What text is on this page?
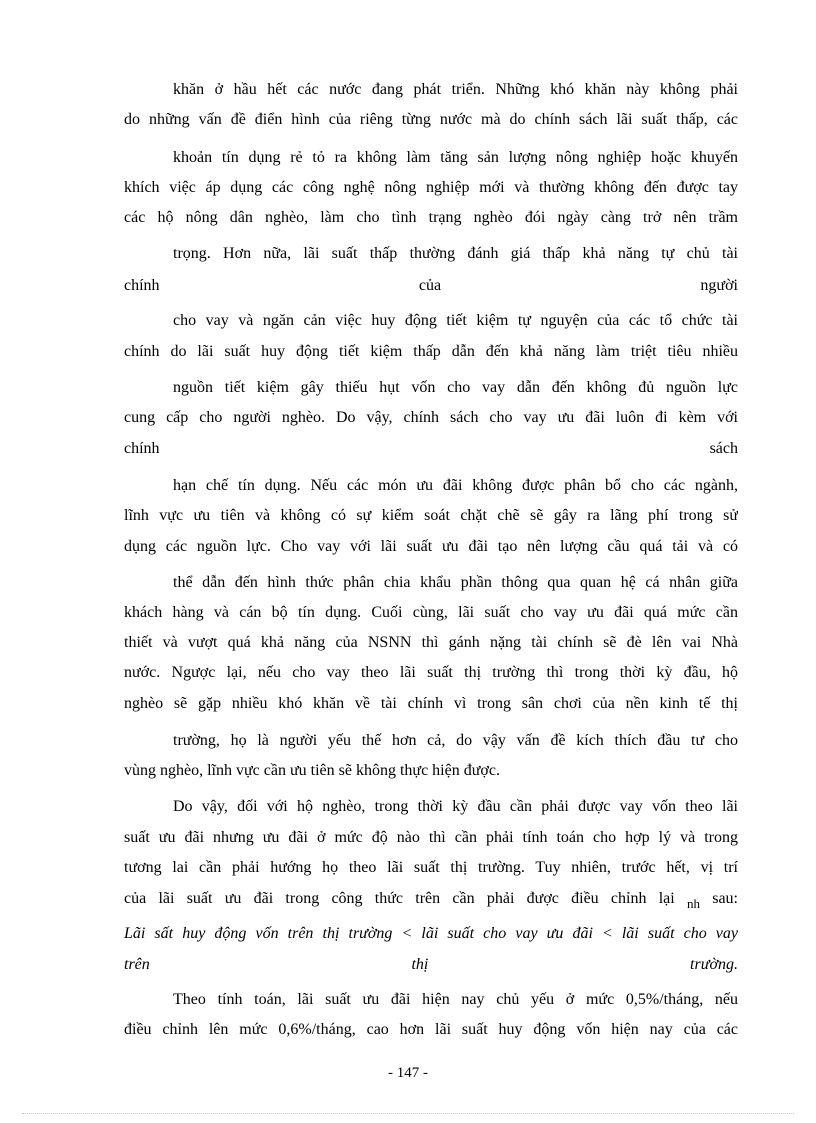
khăn ở hầu hết các nước đang phát triển. Những khó khăn này không phải
do những vấn đề điển hình của riêng từng nước mà do chính sách lãi suất thấp, các
khoản tín dụng rẻ tỏ ra không làm tăng sản lượng nông nghiệp hoặc khuyến
khích việc áp dụng các công nghệ nông nghiệp mới và thường không đến được tay
các hộ nông dân nghèo, làm cho tình trạng nghèo đói ngày càng trở nên trầm
trọng. Hơn nữa, lãi suất thấp thường đánh giá thấp khả năng tự chủ tài
chính của người
cho vay và ngăn cản việc huy động tiết kiệm tự nguyện của các tổ chức tài
chính do lãi suất huy động tiết kiệm thấp dẫn đến khả năng làm triệt tiêu nhiều
nguồn tiết kiệm gây thiếu hụt vốn cho vay dẫn đến không đủ nguồn lực
cung cấp cho người nghèo. Do vậy, chính sách cho vay ưu đãi luôn đi kèm với
chính sách
hạn chế tín dụng. Nếu các món ưu đãi không được phân bổ cho các ngành,
lĩnh vực ưu tiên và không có sự kiểm soát chặt chẽ sẽ gây ra lãng phí trong sử
dụng các nguồn lực. Cho vay với lãi suất ưu đãi tạo nên lượng cầu quá tải và có
thể dẫn đến hình thức phân chia khẩu phần thông qua quan hệ cá nhân giữa
khách hàng và cán bộ tín dụng. Cuối cùng, lãi suất cho vay ưu đãi quá mức cần
thiết và vượt quá khả năng của NSNN thì gánh nặng tài chính sẽ đè lên vai Nhà
nước. Ngược lại, nếu cho vay theo lãi suất thị trường thì trong thời kỳ đầu, hộ
nghèo sẽ gặp nhiều khó khăn về tài chính vì trong sân chơi của nền kinh tế thị
trường, họ là người yếu thế hơn cả, do vậy vấn đề kích thích đầu tư cho
vùng nghèo, lĩnh vực cần ưu tiên sẽ không thực hiện được.
Do vậy, đối với hộ nghèo, trong thời kỳ đầu cần phải được vay vốn theo lãi
suất ưu đãi nhưng ưu đãi ở mức độ nào thì cần phải tính toán cho hợp lý và trong
tương lai cần phải hướng họ theo lãi suất thị trường. Tuy nhiên, trước hết, vị trí
của lãi suất ưu đãi trong công thức trên cần phải được điều chỉnh lại $_{nh}$ sau:
Lãi sất huy động vốn trên thị trường < lãi suất cho vay ưu đãi < lãi suất cho vay
trên thị trường.
Theo tính toán, lãi suất ưu đãi hiện nay chủ yếu ở mức 0,5%/tháng, nếu
điều chỉnh lên mức 0,6%/tháng, cao hơn lãi suất huy động vốn hiện nay của các
- 147 -
